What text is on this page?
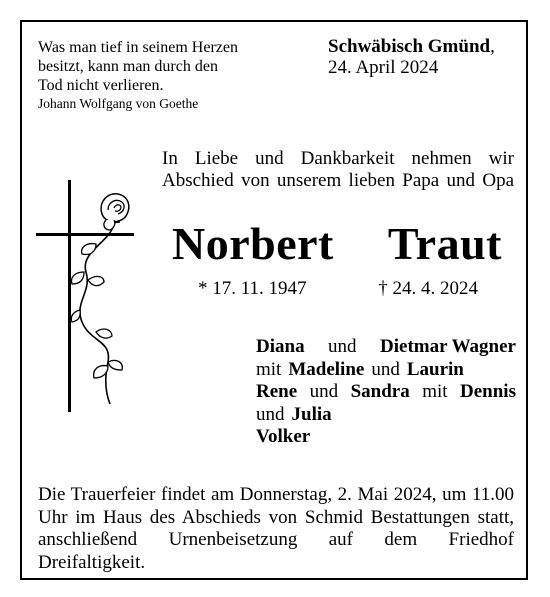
Was man tief in seinem Herzen
besitzt, kann man durch den
Tod nicht verlieren.
Johann Wolfgang von Goethe
Schwäbisch Gmünd,
24. April 2024
In Liebe und Dankbarkeit nehmen wir
Abschied von unserem lieben Papa und Opa
Norbert Traut
* 17. 11. 1947	† 24. 4. 2024
Diana und Dietmar Wagner
mit Madeline und Laurin
Rene und Sandra mit Dennis
und Julia
Volker
Die Trauerfeier findet am Donnerstag, 2. Mai 2024, um 11.00 Uhr im Haus des Abschieds von Schmid Bestattungen statt, anschließend Urnenbeisetzung auf dem Friedhof Dreifaltigkeit.
